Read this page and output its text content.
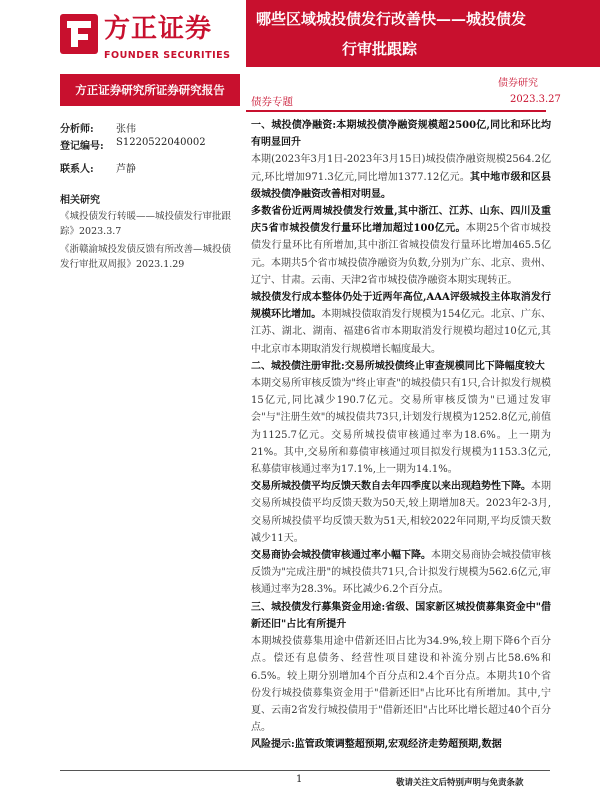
方正证券
FOUNDER SECURITIES
哪些区域城投债发行改善快——城投债发
行审批跟踪
方正证券研究所证券研究报告	债券研究
债券专题	2023.3.27
分析师: 张伟
登记编号: S1220522040002
联系人: 芦静
相关研究
《城投债发行转暖——城投债发行审批跟踪》2023.3.7
《浙赣渝城投发债反馈有所改善—城投债发行审批双周报》2023.1.29

一、城投债净融资:本期城投债净融资规模超2500亿,同比和环比均有明显回升

本期(2023年3月1日-2023年3月15日)城投债净融资规模2564.2亿元,环比增加971.3亿元,同比增加1377.12亿元。其中地市级和区县级城投债净融资改善相对明显。

多数省份近两周城投债发行效量,其中浙江、江苏、山东、四川及重庆5省市城投债发行量环比增加超过100亿元。本期25个省市城投债发行量环比有所增加,其中浙江省城投债发行量环比增加465.5亿元。本期共5个省市城投债净融资为负数,分别为广东、北京、贵州、辽宁、甘肃。云南、天津2省市城投债净融资本期实现转正。

城投债发行成本整体仍处于近两年高位,AAA评级城投主体取消发行规模环比增加。本期城投债取消发行规模为154亿元。北京、广东、江苏、湖北、湖南、福建6省市本期取消发行规模均超过10亿元,其中北京市本期取消发行规模增长幅度最大。

二、城投债注册审批:交易所城投债终止审查规模同比下降幅度较大

本期交易所审核反馈为"终止审查"的城投债只有1只,合计拟发行规模15亿元,同比减少190.7亿元。交易所审核反馈为"已通过发审会"与"注册生效"的城投债共73只,计划发行规模为1252.8亿元,前值为1125.7亿元。交易所城投债审核通过率为18.6%。上一期为21%。其中,交易所和募债审核通过项目拟发行规模为1153.3亿元,私募债审核通过率为17.1%,上一期为14.1%。

交易所城投债平均反馈天数自去年四季度以来出现趋势性下降。本期交易所城投债平均反馈天数为50天,较上期增加8天。2023年2-3月,交易所城投债平均反馈天数为51天,相较2022年同期,平均反馈天数减少11天。

交易商协会城投债审核通过率小幅下降。本期交易商协会城投债审核反馈为"完成注册"的城投债共71只,合计拟发行规模为562.6亿元,审核通过率为28.3%。环比减少6.2个百分点。

三、城投债发行募集资金用途:省级、国家新区城投债募集资金中"借新还旧"占比有所提升

本期城投债募集用途中借新还旧占比为34.9%,较上期下降6个百分点。偿还有息债务、经营性项目建设和补流分别占比58.6%和6.5%。较上期分别增加4个百分点和2.4个百分点。本期共10个省份发行城投债募集资金用于"借新还旧"占比环比有所增加。其中,宁夏、云南2省发行城投债用于"借新还旧"占比环比增长超过40个百分点。

风险提示:监管政策调整超预期,宏观经济走势超预期,数据

1	敬请关注文后特别声明与免责条款
